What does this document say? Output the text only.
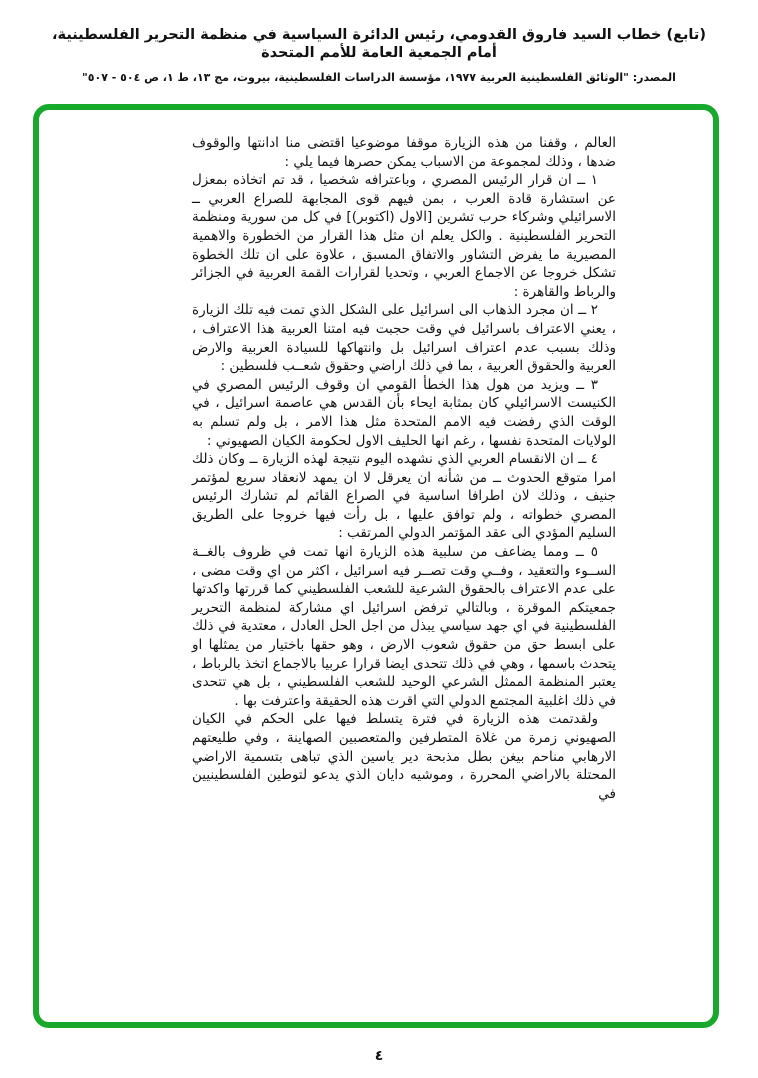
(تابع) خطاب السيد فاروق القدومي، رئيس الدائرة السياسية في منظمة التحرير الفلسطينية، أمام الجمعية العامة للأمم المتحدة
المصدر: "الوثائق الفلسطينية العربية ١٩٧٧، مؤسسة الدراسات الفلسطينية، بيروت، مج ١٣، ط ١، ص ٥٠٤ - ٥٠٧"

العالم ، وقفنا من هذه الزيارة موقفا موضوعيا اقتضى منا ادانتها والوقوف ضدها ، وذلك لمجموعة من الاسباب يمكن حصرها فيما يلي :

١ ــ ان قرار الرئيس المصري ، وباعترافه شخصيا ، قد تم اتخاذه بمعزل عن استشارة قادة العرب ، بمن فيهم قوى المجابهة للصراع العربي ــ الاسرائيلي وشركاء حرب تشرين [الاول (اكتوبر)] في كل من سورية ومنظمة التحرير الفلسطينية . والكل يعلم ان مثل هذا القرار من الخطورة والاهمية المصيرية ما يفرض التشاور والاتفاق المسبق ، علاوة على ان تلك الخطوة تشكل خروجا عن الاجماع العربي ، وتحديا لقرارات القمة العربية في الجزائر والرباط والقاهرة :

٢ ــ ان مجرد الذهاب الى اسرائيل على الشكل الذي تمت فيه تلك الزيارة ، يعني الاعتراف باسرائيل في وقت حجبت فيه امتنا العربية هذا الاعتراف ، وذلك بسبب عدم اعتراف اسرائيل بل وانتهاكها للسيادة العربية والارض العربية والحقوق العربية ، بما في ذلك اراضي وحقوق شعــب فلسطين :

٣ ــ ويزيد من هول هذا الخطأ القومي ان وقوف الرئيس المصري في الكنيست الاسرائيلي كان بمثابة ايحاء بأن القدس هي عاصمة اسرائيل ، في الوقت الذي رفضت فيه الامم المتحدة مثل هذا الامر ، بل ولم تسلم به الولايات المتحدة نفسها ، رغم انها الحليف الاول لحكومة الكيان الصهيوني :

٤ ــ ان الانقسام العربي الذي نشهده اليوم نتيجة لهذه الزيارة ــ وكان ذلك امرا متوقع الحدوث ــ من شأنه ان يعرقل لا ان يمهد لانعقاد سريع لمؤتمر جنيف ، وذلك لان اطرافا اساسية في الصراع القائم لم تشارك الرئيس المصري خطواته ، ولم توافق عليها ، بل رأت فيها خروجا على الطريق السليم المؤدي الى عقد المؤتمر الدولي المرتقب :

٥ ــ ومما يضاعف من سلبية هذه الزيارة انها تمت في ظروف بالغــة الســوء والتعقيد ، وفــي وقت تصــر فيه اسرائيل ، اكثر من اي وقت مضى ، على عدم الاعتراف بالحقوق الشرعية للشعب الفلسطيني كما قررتها واكدتها جمعيتكم الموقرة ، وبالتالي ترفض اسرائيل اي مشاركة لمنظمة التحرير الفلسطينية في اي جهد سياسي يبذل من اجل الحل العادل ، معتدية في ذلك على ابسط حق من حقوق شعوب الارض ، وهو حقها باختيار من يمثلها او يتحدث باسمها ، وهي في ذلك تتحدى ايضا قرارا عربيا بالاجماع اتخذ بالرباط ، يعتبر المنظمة الممثل الشرعي الوحيد للشعب الفلسطيني ، بل هي تتحدى في ذلك اغلبية المجتمع الدولي التي اقرت هذه الحقيقة واعترفت بها .

ولقدتمت هذه الزيارة في فترة يتسلط فيها على الحكم في الكيان الصهيوني زمرة من غلاة المتطرفين والمتعصبين الصهاينة ، وفي طليعتهم الارهابي مناحم بيغن بطل مذبحة دير ياسين الذي تباهى بتسمية الاراضي المحتلة بالاراضي المحررة ، وموشيه دايان الذي يدعو لتوطين الفلسطينيين في

٤
